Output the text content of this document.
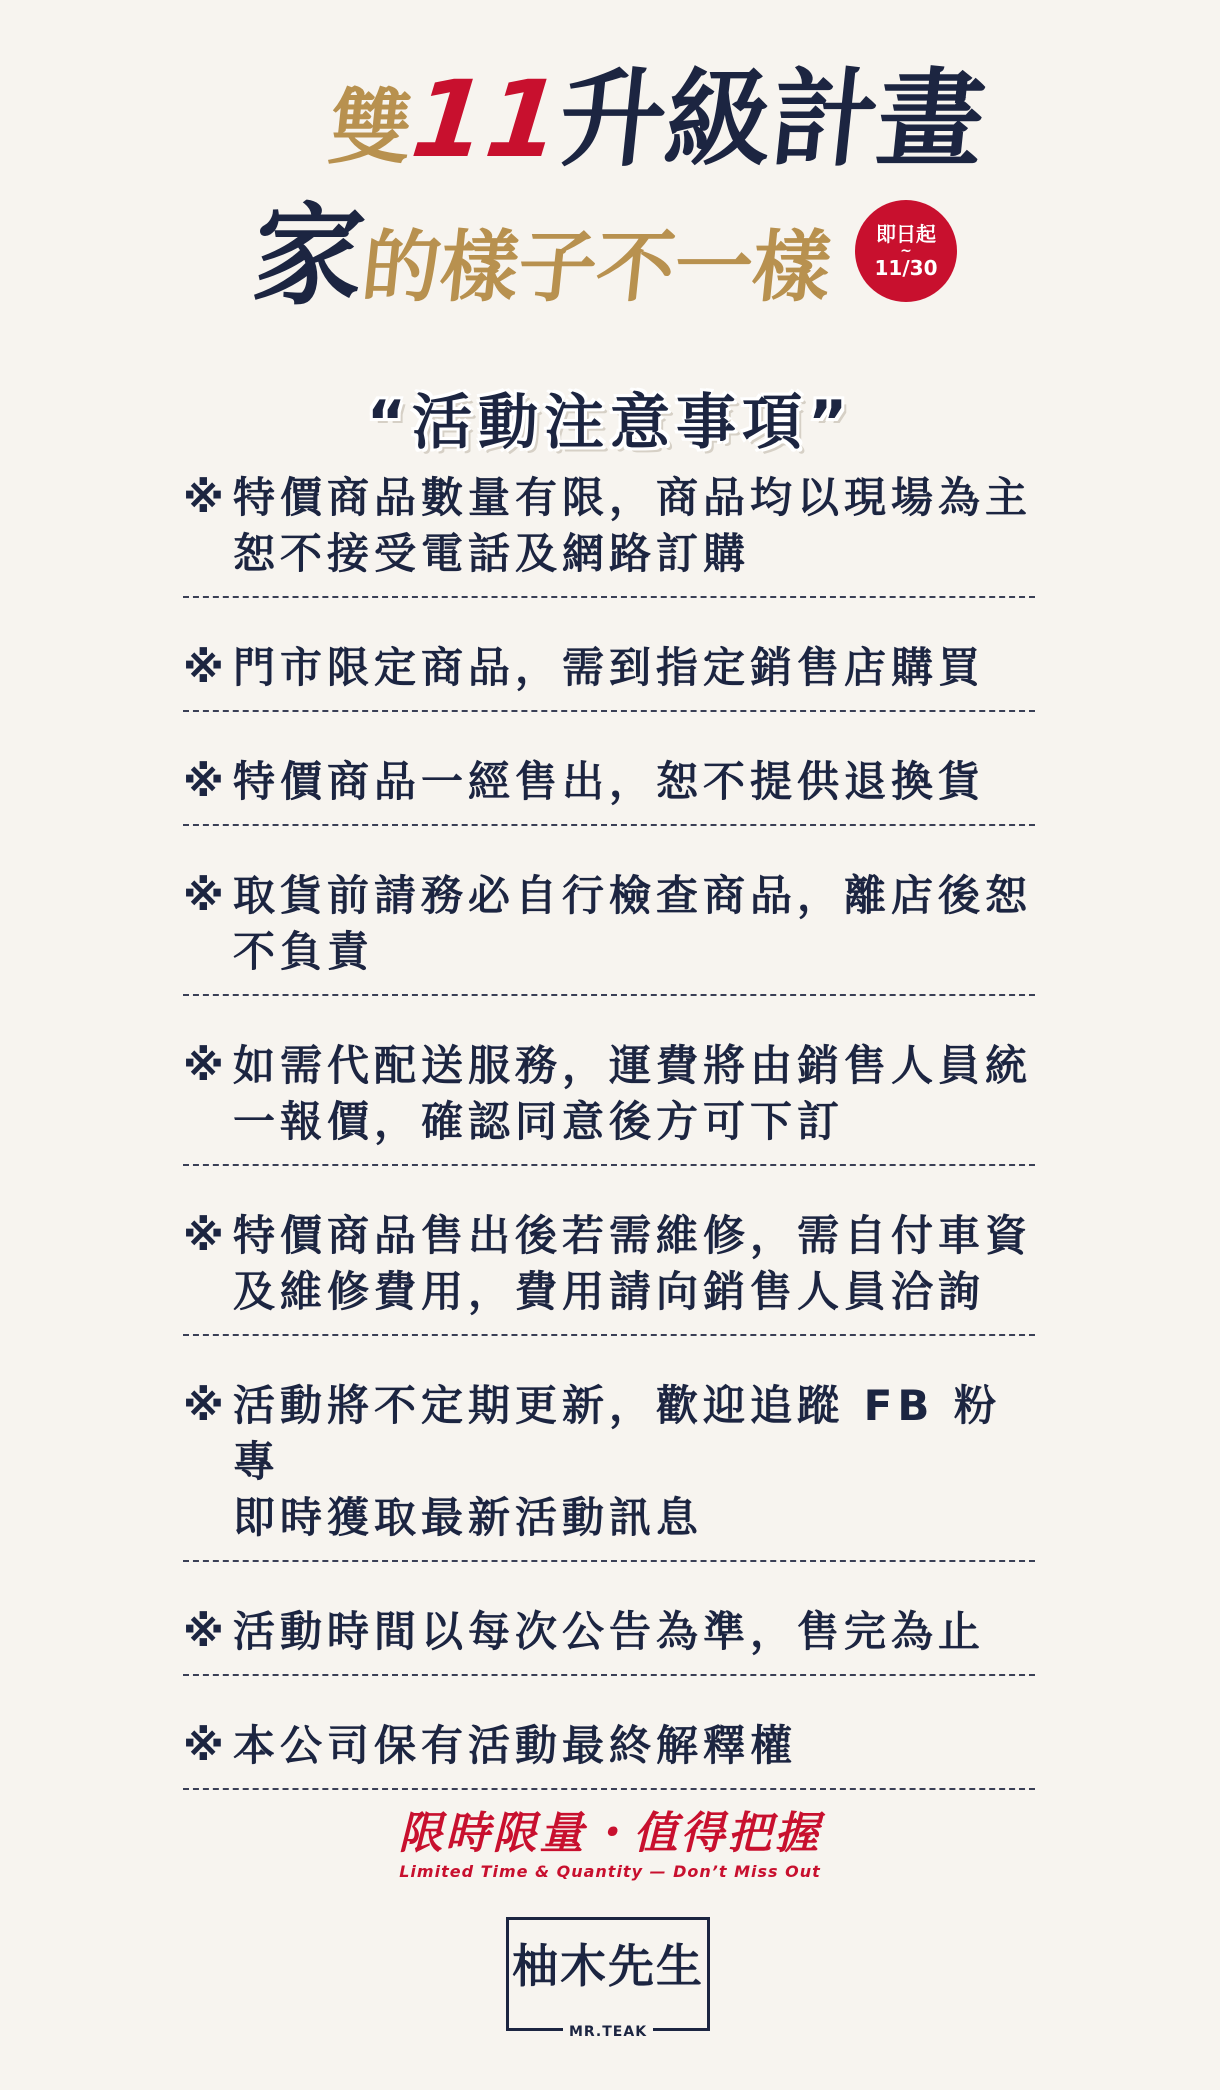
雙11升級計畫
家的樣子不一樣 即日起
~
11/30
“活動注意事項”
※ 特價商品數量有限，商品均以現場為主
恕不接受電話及網路訂購
※ 門市限定商品，需到指定銷售店購買
※ 特價商品一經售出，恕不提供退換貨
※ 取貨前請務必自行檢查商品，離店後恕
不負責
※ 如需代配送服務，運費將由銷售人員統
一報價，確認同意後方可下訂
※ 特價商品售出後若需維修，需自付車資
及維修費用，費用請向銷售人員洽詢
※ 活動將不定期更新，歡迎追蹤 FB 粉專
即時獲取最新活動訊息
※ 活動時間以每次公告為準，售完為止
※ 本公司保有活動最終解釋權
限時限量・值得把握
Limited Time & Quantity — Don’t Miss Out
柚木先生
MR.TEAK
